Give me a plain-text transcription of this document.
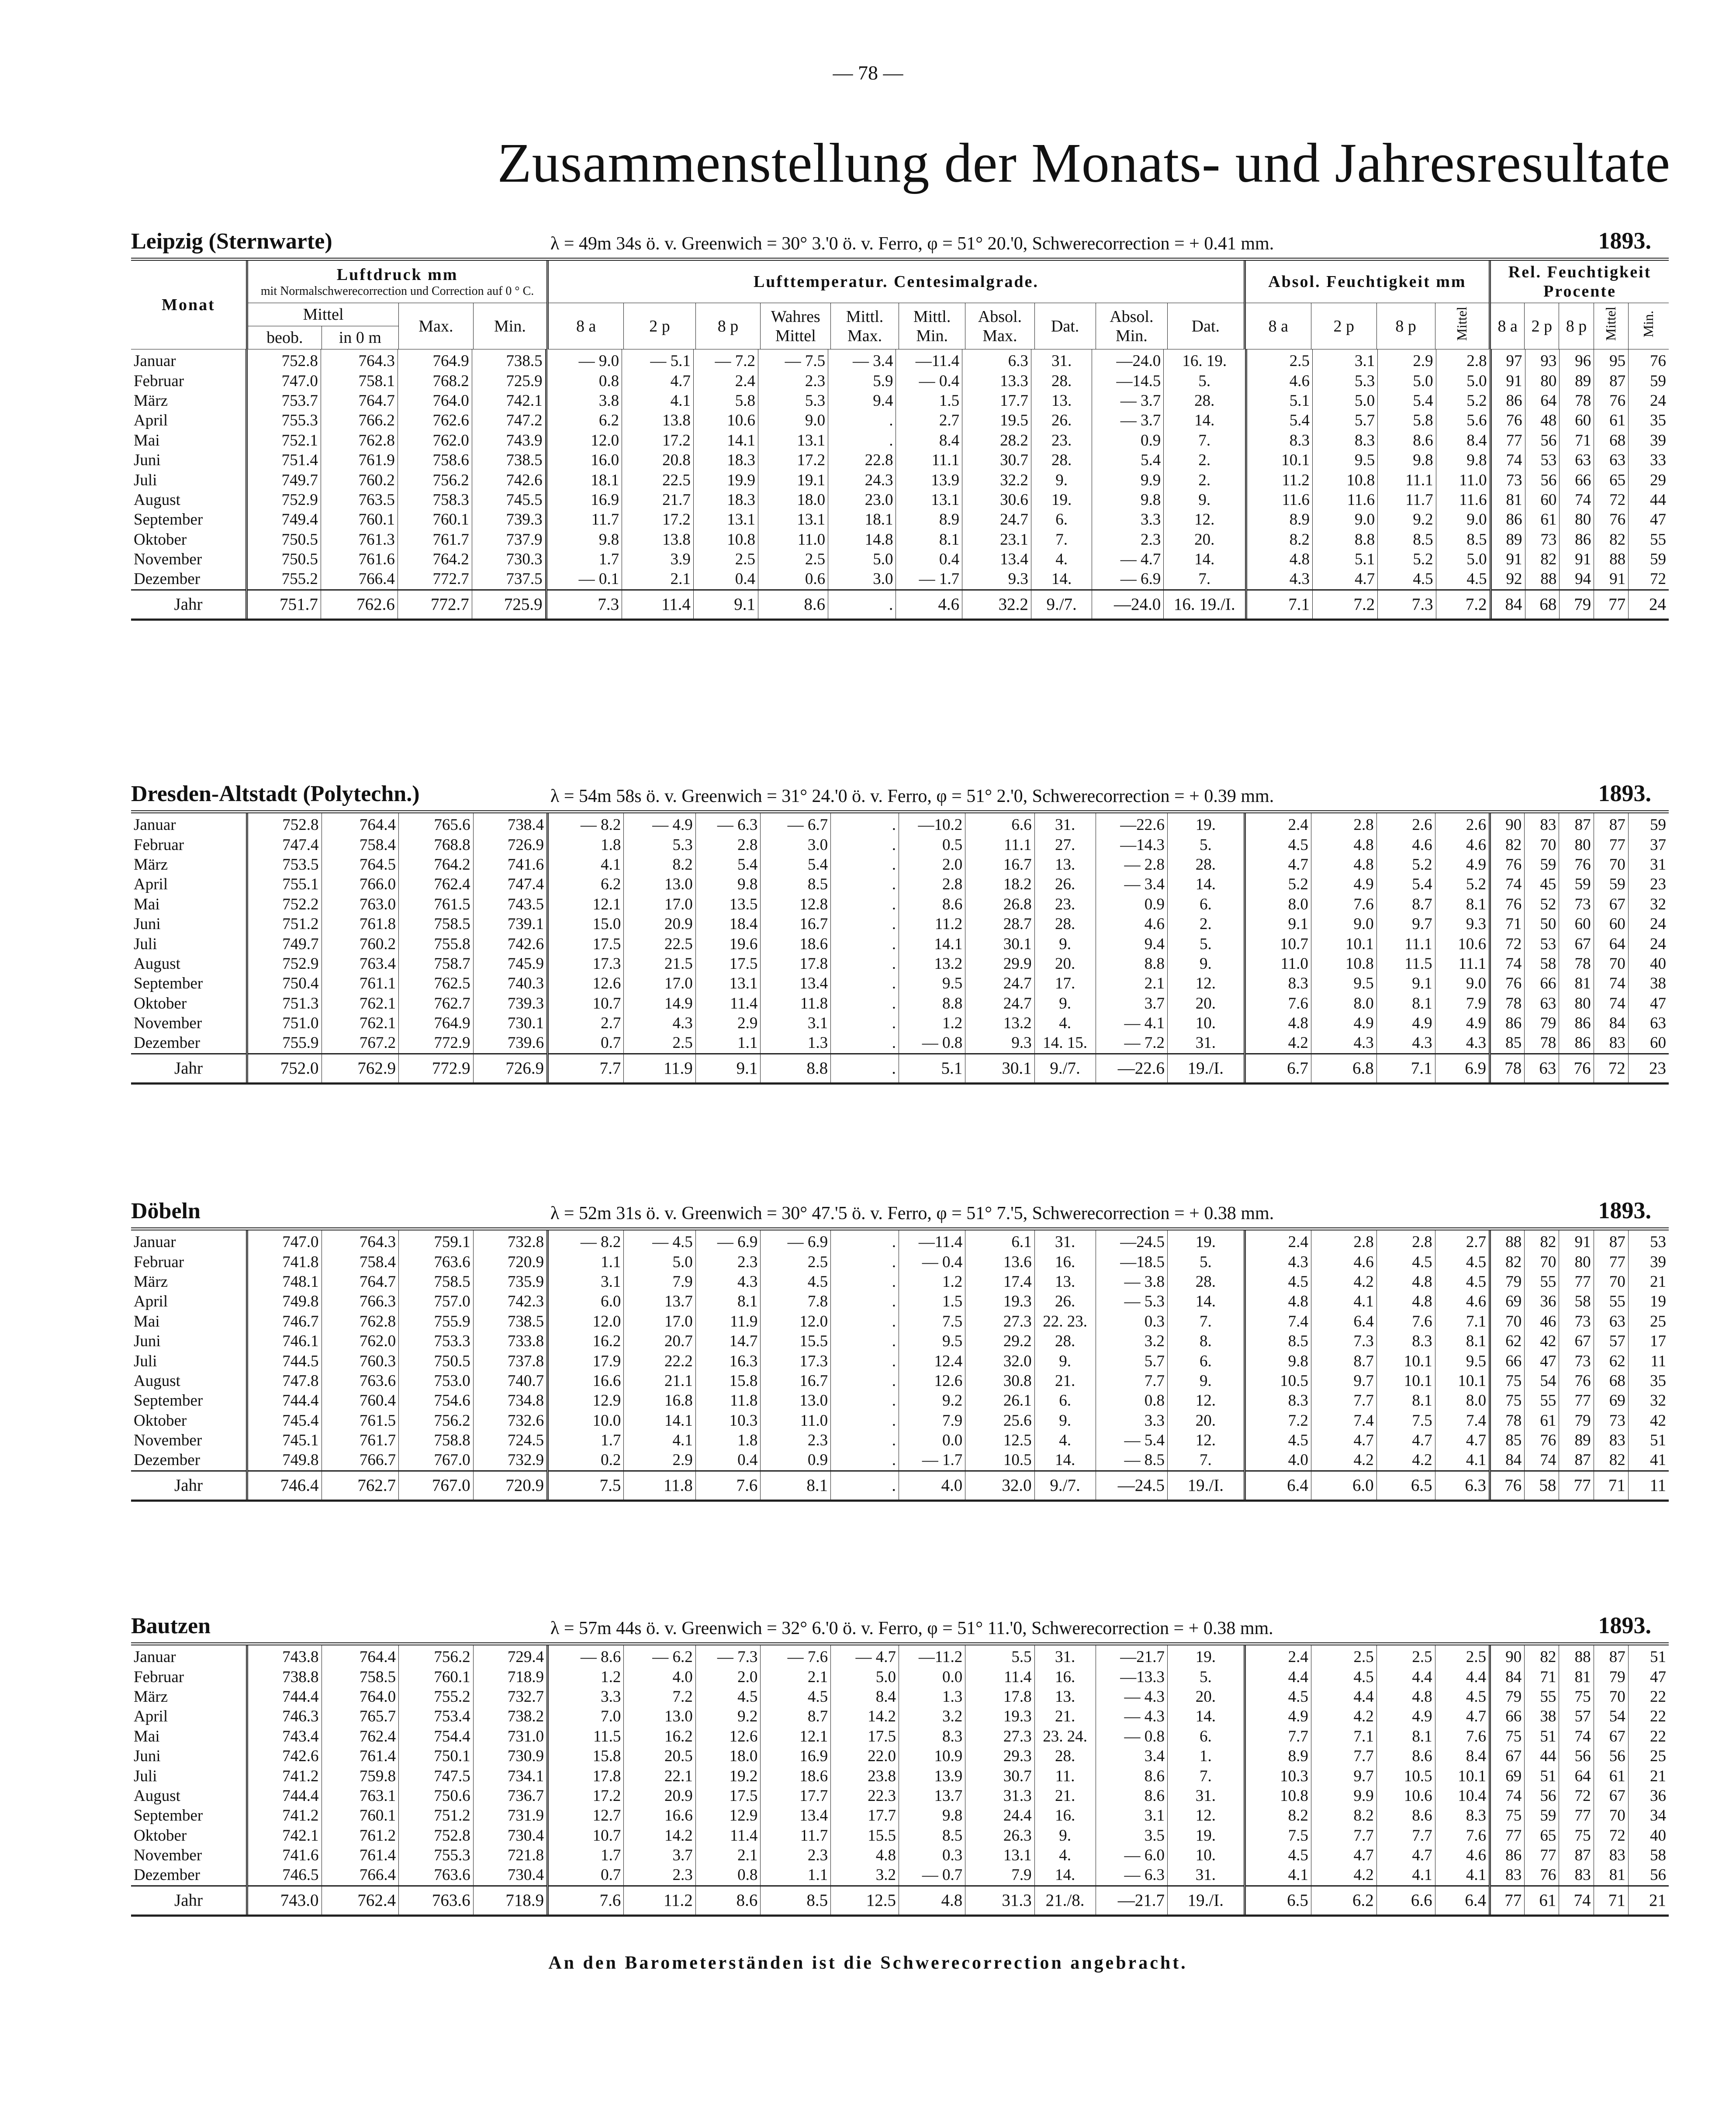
— 78 —
Zusammenstellung der Monats- und Jahresresultate
Leipzig (Sternwarte)	λ = 49m 34s ö. v. Greenwich = 30° 3.'0 ö. v. Ferro, φ = 51° 20.'0, Schwerecorrection = + 0.41 mm.	1893.
Monat	Luftdruck mm
mit Normalschwerecorrection und Correction auf 0 ° C.				Lufttemperatur. Centesimalgrade.										Absol. Feuchtigkeit mm				Rel. Feuchtigkeit Procente				
	Mittel		Max.	Min.	8 a	2 p	8 p	Wahres Mittel	Mittl. Max.	Mittl. Min.	Absol. Max.	Dat.	Absol. Min.	Dat.	8 a	2 p	8 p	Mittel	8 a	2 p	8 p	Mittel	Min.
	beob.	in 0 m																					
Januar	752.8	764.3	764.9	738.5	— 9.0	— 5.1	— 7.2	— 7.5	— 3.4	—11.4	6.3	31.	—24.0	16. 19.	2.5	3.1	2.9	2.8	97	93	96	95	76
Februar	747.0	758.1	768.2	725.9	0.8	4.7	2.4	2.3	5.9	— 0.4	13.3	28.	—14.5	5.	4.6	5.3	5.0	5.0	91	80	89	87	59
März	753.7	764.7	764.0	742.1	3.8	4.1	5.8	5.3	9.4	1.5	17.7	13.	— 3.7	28.	5.1	5.0	5.4	5.2	86	64	78	76	24
April	755.3	766.2	762.6	747.2	6.2	13.8	10.6	9.0	.	2.7	19.5	26.	— 3.7	14.	5.4	5.7	5.8	5.6	76	48	60	61	35
Mai	752.1	762.8	762.0	743.9	12.0	17.2	14.1	13.1	.	8.4	28.2	23.	0.9	7.	8.3	8.3	8.6	8.4	77	56	71	68	39
Juni	751.4	761.9	758.6	738.5	16.0	20.8	18.3	17.2	22.8	11.1	30.7	28.	5.4	2.	10.1	9.5	9.8	9.8	74	53	63	63	33
Juli	749.7	760.2	756.2	742.6	18.1	22.5	19.9	19.1	24.3	13.9	32.2	9.	9.9	2.	11.2	10.8	11.1	11.0	73	56	66	65	29
August	752.9	763.5	758.3	745.5	16.9	21.7	18.3	18.0	23.0	13.1	30.6	19.	9.8	9.	11.6	11.6	11.7	11.6	81	60	74	72	44
September	749.4	760.1	760.1	739.3	11.7	17.2	13.1	13.1	18.1	8.9	24.7	6.	3.3	12.	8.9	9.0	9.2	9.0	86	61	80	76	47
Oktober	750.5	761.3	761.7	737.9	9.8	13.8	10.8	11.0	14.8	8.1	23.1	7.	2.3	20.	8.2	8.8	8.5	8.5	89	73	86	82	55
November	750.5	761.6	764.2	730.3	1.7	3.9	2.5	2.5	5.0	0.4	13.4	4.	— 4.7	14.	4.8	5.1	5.2	5.0	91	82	91	88	59
Dezember	755.2	766.4	772.7	737.5	— 0.1	2.1	0.4	0.6	3.0	— 1.7	9.3	14.	— 6.9	7.	4.3	4.7	4.5	4.5	92	88	94	91	72
Jahr	751.7	762.6	772.7	725.9	7.3	11.4	9.1	8.6	.	4.6	32.2	9./7.	—24.0	16. 19./I.	7.1	7.2	7.3	7.2	84	68	79	77	24
Dresden-Altstadt (Polytechn.)	λ = 54m 58s ö. v. Greenwich = 31° 24.'0 ö. v. Ferro, φ = 51° 2.'0, Schwerecorrection = + 0.39 mm.	1893.
Januar	752.8	764.4	765.6	738.4	— 8.2	— 4.9	— 6.3	— 6.7	.	—10.2	6.6	31.	—22.6	19.	2.4	2.8	2.6	2.6	90	83	87	87	59
Februar	747.4	758.4	768.8	726.9	1.8	5.3	2.8	3.0	.	0.5	11.1	27.	—14.3	5.	4.5	4.8	4.6	4.6	82	70	80	77	37
März	753.5	764.5	764.2	741.6	4.1	8.2	5.4	5.4	.	2.0	16.7	13.	— 2.8	28.	4.7	4.8	5.2	4.9	76	59	76	70	31
April	755.1	766.0	762.4	747.4	6.2	13.0	9.8	8.5	.	2.8	18.2	26.	— 3.4	14.	5.2	4.9	5.4	5.2	74	45	59	59	23
Mai	752.2	763.0	761.5	743.5	12.1	17.0	13.5	12.8	.	8.6	26.8	23.	0.9	6.	8.0	7.6	8.7	8.1	76	52	73	67	32
Juni	751.2	761.8	758.5	739.1	15.0	20.9	18.4	16.7	.	11.2	28.7	28.	4.6	2.	9.1	9.0	9.7	9.3	71	50	60	60	24
Juli	749.7	760.2	755.8	742.6	17.5	22.5	19.6	18.6	.	14.1	30.1	9.	9.4	5.	10.7	10.1	11.1	10.6	72	53	67	64	24
August	752.9	763.4	758.7	745.9	17.3	21.5	17.5	17.8	.	13.2	29.9	20.	8.8	9.	11.0	10.8	11.5	11.1	74	58	78	70	40
September	750.4	761.1	762.5	740.3	12.6	17.0	13.1	13.4	.	9.5	24.7	17.	2.1	12.	8.3	9.5	9.1	9.0	76	66	81	74	38
Oktober	751.3	762.1	762.7	739.3	10.7	14.9	11.4	11.8	.	8.8	24.7	9.	3.7	20.	7.6	8.0	8.1	7.9	78	63	80	74	47
November	751.0	762.1	764.9	730.1	2.7	4.3	2.9	3.1	.	1.2	13.2	4.	— 4.1	10.	4.8	4.9	4.9	4.9	86	79	86	84	63
Dezember	755.9	767.2	772.9	739.6	0.7	2.5	1.1	1.3	.	— 0.8	9.3	14. 15.	— 7.2	31.	4.2	4.3	4.3	4.3	85	78	86	83	60
Jahr	752.0	762.9	772.9	726.9	7.7	11.9	9.1	8.8	.	5.1	30.1	9./7.	—22.6	19./I.	6.7	6.8	7.1	6.9	78	63	76	72	23
Döbeln	λ = 52m 31s ö. v. Greenwich = 30° 47.'5 ö. v. Ferro, φ = 51° 7.'5, Schwerecorrection = + 0.38 mm.	1893.
Januar	747.0	764.3	759.1	732.8	— 8.2	— 4.5	— 6.9	— 6.9	.	—11.4	6.1	31.	—24.5	19.	2.4	2.8	2.8	2.7	88	82	91	87	53
Februar	741.8	758.4	763.6	720.9	1.1	5.0	2.3	2.5	.	— 0.4	13.6	16.	—18.5	5.	4.3	4.6	4.5	4.5	82	70	80	77	39
März	748.1	764.7	758.5	735.9	3.1	7.9	4.3	4.5	.	1.2	17.4	13.	— 3.8	28.	4.5	4.2	4.8	4.5	79	55	77	70	21
April	749.8	766.3	757.0	742.3	6.0	13.7	8.1	7.8	.	1.5	19.3	26.	— 5.3	14.	4.8	4.1	4.8	4.6	69	36	58	55	19
Mai	746.7	762.8	755.9	738.5	12.0	17.0	11.9	12.0	.	7.5	27.3	22. 23.	0.3	7.	7.4	6.4	7.6	7.1	70	46	73	63	25
Juni	746.1	762.0	753.3	733.8	16.2	20.7	14.7	15.5	.	9.5	29.2	28.	3.2	8.	8.5	7.3	8.3	8.1	62	42	67	57	17
Juli	744.5	760.3	750.5	737.8	17.9	22.2	16.3	17.3	.	12.4	32.0	9.	5.7	6.	9.8	8.7	10.1	9.5	66	47	73	62	11
August	747.8	763.6	753.0	740.7	16.6	21.1	15.8	16.7	.	12.6	30.8	21.	7.7	9.	10.5	9.7	10.1	10.1	75	54	76	68	35
September	744.4	760.4	754.6	734.8	12.9	16.8	11.8	13.0	.	9.2	26.1	6.	0.8	12.	8.3	7.7	8.1	8.0	75	55	77	69	32
Oktober	745.4	761.5	756.2	732.6	10.0	14.1	10.3	11.0	.	7.9	25.6	9.	3.3	20.	7.2	7.4	7.5	7.4	78	61	79	73	42
November	745.1	761.7	758.8	724.5	1.7	4.1	1.8	2.3	.	0.0	12.5	4.	— 5.4	12.	4.5	4.7	4.7	4.7	85	76	89	83	51
Dezember	749.8	766.7	767.0	732.9	0.2	2.9	0.4	0.9	.	— 1.7	10.5	14.	— 8.5	7.	4.0	4.2	4.2	4.1	84	74	87	82	41
Jahr	746.4	762.7	767.0	720.9	7.5	11.8	7.6	8.1	.	4.0	32.0	9./7.	—24.5	19./I.	6.4	6.0	6.5	6.3	76	58	77	71	11
Bautzen	λ = 57m 44s ö. v. Greenwich = 32° 6.'0 ö. v. Ferro, φ = 51° 11.'0, Schwerecorrection = + 0.38 mm.	1893.
Januar	743.8	764.4	756.2	729.4	— 8.6	— 6.2	— 7.3	— 7.6	— 4.7	—11.2	5.5	31.	—21.7	19.	2.4	2.5	2.5	2.5	90	82	88	87	51
Februar	738.8	758.5	760.1	718.9	1.2	4.0	2.0	2.1	5.0	0.0	11.4	16.	—13.3	5.	4.4	4.5	4.4	4.4	84	71	81	79	47
März	744.4	764.0	755.2	732.7	3.3	7.2	4.5	4.5	8.4	1.3	17.8	13.	— 4.3	20.	4.5	4.4	4.8	4.5	79	55	75	70	22
April	746.3	765.7	753.4	738.2	7.0	13.0	9.2	8.7	14.2	3.2	19.3	21.	— 4.3	14.	4.9	4.2	4.9	4.7	66	38	57	54	22
Mai	743.4	762.4	754.4	731.0	11.5	16.2	12.6	12.1	17.5	8.3	27.3	23. 24.	— 0.8	6.	7.7	7.1	8.1	7.6	75	51	74	67	22
Juni	742.6	761.4	750.1	730.9	15.8	20.5	18.0	16.9	22.0	10.9	29.3	28.	3.4	1.	8.9	7.7	8.6	8.4	67	44	56	56	25
Juli	741.2	759.8	747.5	734.1	17.8	22.1	19.2	18.6	23.8	13.9	30.7	11.	8.6	7.	10.3	9.7	10.5	10.1	69	51	64	61	21
August	744.4	763.1	750.6	736.7	17.2	20.9	17.5	17.7	22.3	13.7	31.3	21.	8.6	31.	10.8	9.9	10.6	10.4	74	56	72	67	36
September	741.2	760.1	751.2	731.9	12.7	16.6	12.9	13.4	17.7	9.8	24.4	16.	3.1	12.	8.2	8.2	8.6	8.3	75	59	77	70	34
Oktober	742.1	761.2	752.8	730.4	10.7	14.2	11.4	11.7	15.5	8.5	26.3	9.	3.5	19.	7.5	7.7	7.7	7.6	77	65	75	72	40
November	741.6	761.4	755.3	721.8	1.7	3.7	2.1	2.3	4.8	0.3	13.1	4.	— 6.0	10.	4.5	4.7	4.7	4.6	86	77	87	83	58
Dezember	746.5	766.4	763.6	730.4	0.7	2.3	0.8	1.1	3.2	— 0.7	7.9	14.	— 6.3	31.	4.1	4.2	4.1	4.1	83	76	83	81	56
Jahr	743.0	762.4	763.6	718.9	7.6	11.2	8.6	8.5	12.5	4.8	31.3	21./8.	—21.7	19./I.	6.5	6.2	6.6	6.4	77	61	74	71	21
An den Barometerständen ist die Schwerecorrection angebracht.
